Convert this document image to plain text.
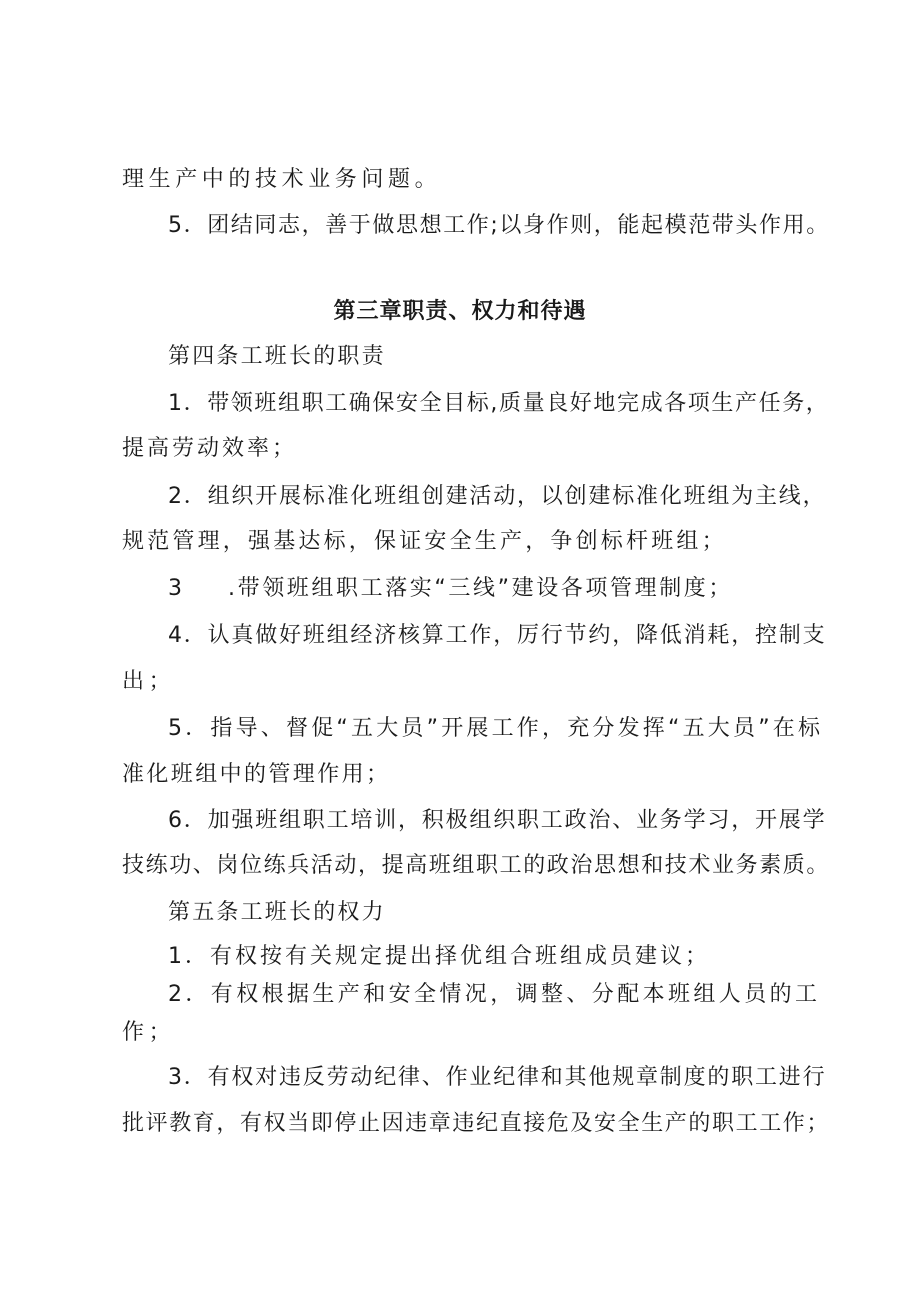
理生产中的技术业务问题。
5．团结同志，善于做思想工作;以身作则，能起模范带头作用。
第三章职责、权力和待遇
第四条工班长的职责
1．带领班组职工确保安全目标,质量良好地完成各项生产任务，
提高劳动效率；
2．组织开展标准化班组创建活动，以创建标准化班组为主线，
规范管理，强基达标，保证安全生产，争创标杆班组；
3 .带领班组职工落实“三线”建设各项管理制度；
4．认真做好班组经济核算工作，厉行节约，降低消耗，控制支
出；
5．指导、督促“五大员”开展工作，充分发挥“五大员”在标
准化班组中的管理作用；
6．加强班组职工培训，积极组织职工政治、业务学习，开展学
技练功、岗位练兵活动，提高班组职工的政治思想和技术业务素质。
第五条工班长的权力
1．有权按有关规定提出择优组合班组成员建议；
2．有权根据生产和安全情况，调整、分配本班组人员的工
作；
3．有权对违反劳动纪律、作业纪律和其他规章制度的职工进行
批评教育，有权当即停止因违章违纪直接危及安全生产的职工工作；
